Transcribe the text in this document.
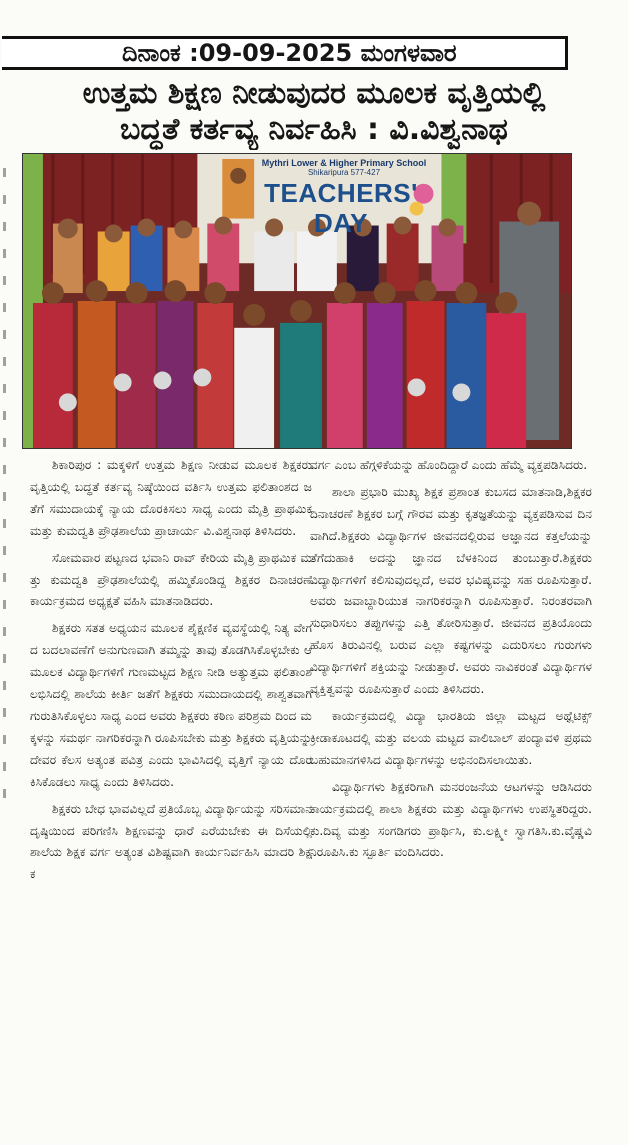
ದಿನಾಂಕ :09-09-2025 ಮಂಗಳವಾರ
ಉತ್ತಮ ಶಿಕ್ಷಣ ನೀಡುವುದರ ಮೂಲಕ ವೃತ್ತಿಯಲ್ಲಿ
ಬದ್ಧತೆ ಕರ್ತವ್ಯ ನಿರ್ವಹಿಸಿ : ವಿ.ವಿಶ್ವನಾಥ
Mythri Lower & Higher Primary School
Shikaripura 577-427
TEACHERS' DAY

ಶಿಕಾರಿಪುರ : ಮಕ್ಕಳಿಗೆ ಉತ್ತಮ ಶಿಕ್ಷಣ ನೀಡುವ ಮೂಲಕ ಶಿಕ್ಷಕರು ವೃತ್ತಿಯಲ್ಲಿ ಬದ್ಧತೆ ಕರ್ತವ್ಯ ನಿಷ್ಠೆಯಿಂದ ವರ್ತಿಸಿ ಉತ್ತಮ ಫಲಿತಾಂಶದ ಜತೆಗೆ ಸಮುದಾಯಕ್ಕೆ ನ್ಯಾಯ ದೊರಕಿಸಲು ಸಾಧ್ಯ ಎಂದು ಮೈತ್ರಿ ಪ್ರಾಥಮಿಕ ಮತ್ತು ಕುಮದ್ವತಿ ಪ್ರೌಢಶಾಲೆಯ ಪ್ರಾಚಾರ್ಯ ವಿ.ವಿಶ್ವನಾಥ ತಿಳಿಸಿದರು.

ಸೋಮವಾರ ಪಟ್ಟಣದ ಭವಾನಿ ರಾವ್ ಕೇರಿಯ ಮೈತ್ರಿ ಪ್ರಾಥಮಿಕ ಮತ್ತು ಕುಮದ್ವತಿ ಪ್ರೌಢಶಾಲೆಯಲ್ಲಿ ಹಮ್ಮಿಕೊಂಡಿದ್ದ ಶಿಕ್ಷಕರ ದಿನಾಚರಣೆ ಕಾರ್ಯಕ್ರಮದ ಅಧ್ಯಕ್ಷತೆ ವಹಿಸಿ ಮಾತನಾಡಿದರು.

ಶಿಕ್ಷಕರು ಸತತ ಅಧ್ಯಯನ ಮೂಲಕ ಶೈಕ್ಷಣಿಕ ವ್ಯವಸ್ಥೆಯಲ್ಲಿ ನಿತ್ಯ ವೇಗದ ಬದಲಾವಣೆಗೆ ಅನುಗುಣವಾಗಿ ತಮ್ಮನ್ನು ತಾವು ತೊಡಗಿಸಿಕೊಳ್ಳಬೇಕು ಆ ಮೂಲಕ ವಿದ್ಯಾರ್ಥಿಗಳಿಗೆ ಗುಣಮಟ್ಟದ ಶಿಕ್ಷಣ ನೀಡಿ ಅತ್ಯುತ್ತಮ ಫಲಿತಾಂಶ ಲಭಿಸಿದಲ್ಲಿ ಶಾಲೆಯ ಕೀರ್ತಿ ಜತೆಗೆ ಶಿಕ್ಷಕರು ಸಮುದಾಯದಲ್ಲಿ ಶಾಶ್ವತವಾಗಿ ಗುರುತಿಸಿಕೊಳ್ಳಲು ಸಾಧ್ಯ ಎಂದ ಅವರು ಶಿಕ್ಷಕರು ಕಠಿಣ ಪರಿಶ್ರಮ ದಿಂದ ಮಕ್ಕಳನ್ನು ಸಮರ್ಥ ನಾಗರಿಕರನ್ನಾಗಿ ರೂಪಿಸಬೇಕು ಮತ್ತು ಶಿಕ್ಷಕರು ವೃತ್ತಿಯನ್ನು ದೇವರ ಕೆಲಸ ಅತ್ಯಂತ ಪವಿತ್ರ ಎಂದು ಭಾವಿಸಿದಲ್ಲಿ ವೃತ್ತಿಗೆ ನ್ಯಾಯ ದೊರಕಿಸಿಕೊಡಲು ಸಾಧ್ಯ ಎಂದು ತಿಳಿಸಿದರು.

ಶಿಕ್ಷಕರು ಬೇಧ ಭಾವವಿಲ್ಲದೆ ಪ್ರತಿಯೊಬ್ಬ ವಿದ್ಯಾರ್ಥಿಯನ್ನು ಸರಿಸಮಾನ ದೃಷ್ಠಿಯಿಂದ ಪರಿಗಣಿಸಿ ಶಿಕ್ಷಣವನ್ನು ಧಾರೆ ಎರೆಯಬೇಕು ಈ ದಿಸೆಯಲ್ಲಿ ಶಾಲೆಯ ಶಿಕ್ಷಕ ವರ್ಗ ಅತ್ಯಂತ ವಿಶಿಷ್ಟವಾಗಿ ಕಾರ್ಯನಿರ್ವಹಿಸಿ ಮಾದರಿ ಶಿಕ್ಷಕ

ವರ್ಗ ಎಂಬ ಹೆಗ್ಗಳಿಕೆಯನ್ನು ಹೊಂದಿದ್ದಾರೆ ಎಂದು ಹೆಮ್ಮೆ ವ್ಯಕ್ತಪಡಿಸಿದರು.

ಶಾಲಾ ಪ್ರಭಾರಿ ಮುಖ್ಯ ಶಿಕ್ಷಕ ಪ್ರಶಾಂತ ಕುಬಸದ ಮಾತನಾಡಿ,ಶಿಕ್ಷಕರ ದಿನಾಚರಣೆ ಶಿಕ್ಷಕರ ಬಗ್ಗೆ ಗೌರವ ಮತ್ತು ಕೃತಜ್ಞತೆಯನ್ನು ವ್ಯಕ್ತಪಡಿಸುವ ದಿನವಾಗಿದೆ.ಶಿಕ್ಷಕರು ವಿದ್ಯಾರ್ಥಿಗಳ ಜೀವನದಲ್ಲಿರುವ ಅಜ್ಞಾನದ ಕತ್ತಲೆಯನ್ನು ತೆಗೆದುಹಾಕಿ ಅದನ್ನು ಜ್ಞಾನದ ಬೆಳಕಿನಿಂದ ತುಂಬುತ್ತಾರೆ.ಶಿಕ್ಷಕರು ವಿದ್ಯಾರ್ಥಿಗಳಿಗೆ ಕಲಿಸುವುದಲ್ಲದೆ, ಅವರ ಭವಿಷ್ಯವನ್ನು ಸಹ ರೂಪಿಸುತ್ತಾರೆ.ಅವರು ಜವಾಬ್ದಾರಿಯುತ ನಾಗರಿಕರನ್ನಾಗಿ ರೂಪಿಸುತ್ತಾರೆ. ನಿರಂತರವಾಗಿ ಸುಧಾರಿಸಲು ತಪ್ಪುಗಳನ್ನು ಎತ್ತಿ ತೋರಿಸುತ್ತಾರೆ. ಜೀವನದ ಪ್ರತಿಯೊಂದು ಹೊಸ ತಿರುವಿನಲ್ಲಿ ಬರುವ ಎಲ್ಲಾ ಕಷ್ಟಗಳನ್ನು ಎದುರಿಸಲು ಗುರುಗಳು ವಿದ್ಯಾರ್ಥಿಗಳಿಗೆ ಶಕ್ತಿಯನ್ನು ನೀಡುತ್ತಾರೆ. ಅವರು ನಾವಿಕರಂತೆ ವಿದ್ಯಾರ್ಥಿಗಳ ವ್ಯಕ್ತಿತ್ವವನ್ನು ರೂಪಿಸುತ್ತಾರೆ ಎಂದು ತಿಳಿಸಿದರು.

ಕಾರ್ಯಕ್ರಮದಲ್ಲಿ ವಿದ್ಯಾ ಭಾರತಿಯ ಜಿಲ್ಲಾ ಮಟ್ಟದ ಅಥ್ಲೆಟಿಕ್ಸ್ ಕ್ರೀಡಾಕೂಟದಲ್ಲಿ ಮತ್ತು ವಲಯ ಮಟ್ಟದ ವಾಲಿಬಾಲ್ ಪಂದ್ಯಾವಳಿ ಪ್ರಥಮ ಬಹುಮಾನಗಳಿಸಿದ ವಿದ್ಯಾರ್ಥಿಗಳನ್ನು ಅಭಿನಂದಿಸಲಾಯಿತು.

ವಿದ್ಯಾರ್ಥಿಗಳು ಶಿಕ್ಷಕರಿಗಾಗಿ ಮನರಂಜನೆಯ ಆಟಗಳನ್ನು ಆಡಿಸಿದರು ಕಾರ್ಯಕ್ರಮದಲ್ಲಿ ಶಾಲಾ ಶಿಕ್ಷಕರು ಮತ್ತು ವಿದ್ಯಾರ್ಥಿಗಳು ಉಪಸ್ಥಿತರಿದ್ದರು. ಕು.ದಿವ್ಯ ಮತ್ತು ಸಂಗಡಿಗರು ಪ್ರಾರ್ಥಿಸಿ, ಕು.ಲಕ್ಷ್ಮೀ ಸ್ವಾಗತಿಸಿ.ಕು.ವೈಷ್ಣವಿ ನಿರೂಪಿಸಿ.ಕು ಸ್ಪೂರ್ತಿ ವಂದಿಸಿದರು.
